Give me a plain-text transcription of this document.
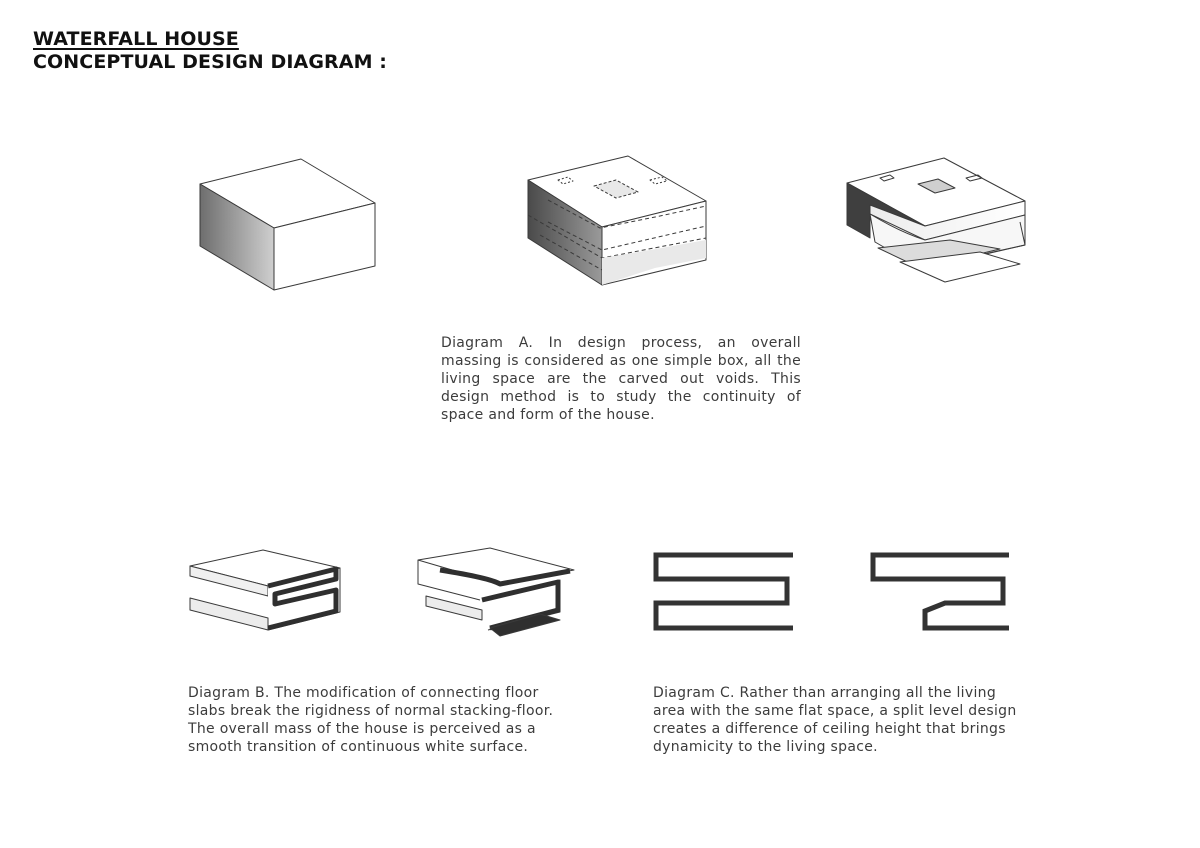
WATERFALL HOUSE
CONCEPTUAL DESIGN DIAGRAM :

Diagram A. In design process, an overall massing is considered as one simple box, all the living space are the carved out voids. This design method is to study the continuity of space and form of the house.

Diagram B. The modification of connecting floor slabs break the rigidness of normal stacking-floor. The overall mass of the house is perceived as a smooth transition of continuous white surface.

Diagram C. Rather than arranging all the living area with the same flat space, a split level design creates a difference of ceiling height that brings dynamicity to the living space.
